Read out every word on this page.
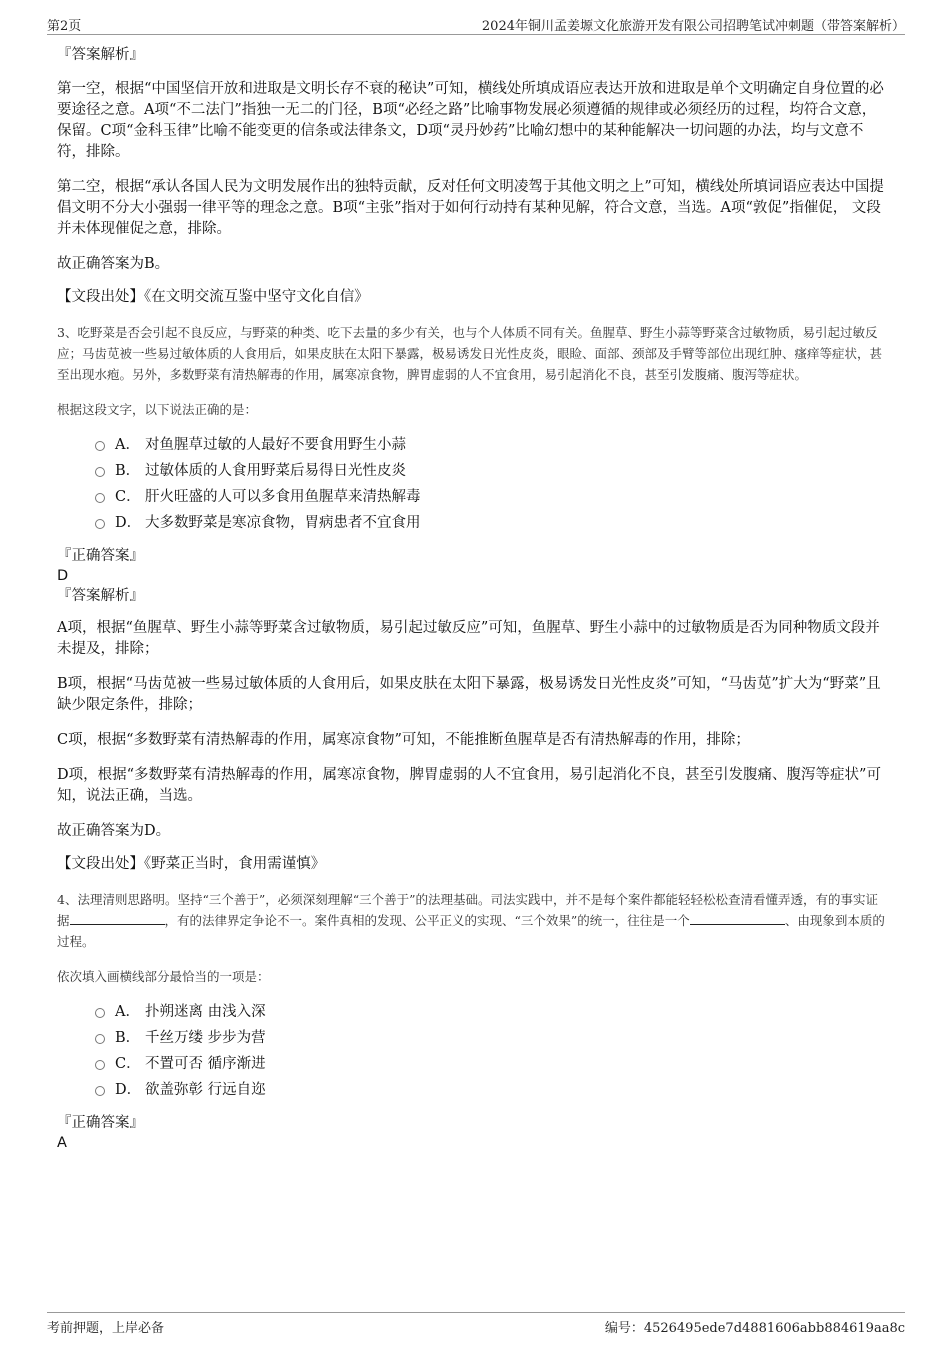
第2页	2024年铜川孟姜塬文化旅游开发有限公司招聘笔试冲刺题（带答案解析）

『答案解析』

第一空，根据“中国坚信开放和进取是文明长存不衰的秘诀”可知，横线处所填成语应表达开放和进取是单个文明确定自身位置的必要途径之意。A项“不二法门”指独一无二的门径，B项“必经之路”比喻事物发展必须遵循的规律或必须经历的过程，均符合文意，保留。C项“金科玉律”比喻不能变更的信条或法律条文，D项“灵丹妙药”比喻幻想中的某种能解决一切问题的办法，均与文意不符，排除。

第二空，根据“承认各国人民为文明发展作出的独特贡献，反对任何文明凌驾于其他文明之上”可知，横线处所填词语应表达中国提倡文明不分大小强弱一律平等的理念之意。B项“主张”指对于如何行动持有某种见解，符合文意，当选。A项“敦促”指催促， 文段并未体现催促之意，排除。

故正确答案为B。

【文段出处】《在文明交流互鉴中坚守文化自信》

3、吃野菜是否会引起不良反应，与野菜的种类、吃下去量的多少有关，也与个人体质不同有关。鱼腥草、野生小蒜等野菜含过敏物质，易引起过敏反应；马齿苋被一些易过敏体质的人食用后，如果皮肤在太阳下暴露，极易诱发日光性皮炎，眼睑、面部、颈部及手臂等部位出现红肿、瘙痒等症状，甚至出现水疱。另外，多数野菜有清热解毒的作用，属寒凉食物，脾胃虚弱的人不宜食用，易引起消化不良，甚至引发腹痛、腹泻等症状。

根据这段文字，以下说法正确的是：

A． 对鱼腥草过敏的人最好不要食用野生小蒜
B． 过敏体质的人食用野菜后易得日光性皮炎
C． 肝火旺盛的人可以多食用鱼腥草来清热解毒
D． 大多数野菜是寒凉食物，胃病患者不宜食用

『正确答案』

D

『答案解析』

A项，根据“鱼腥草、野生小蒜等野菜含过敏物质，易引起过敏反应”可知，鱼腥草、野生小蒜中的过敏物质是否为同种物质文段并未提及，排除；

B项，根据“马齿苋被一些易过敏体质的人食用后，如果皮肤在太阳下暴露，极易诱发日光性皮炎”可知，“马齿苋”扩大为“野菜”且缺少限定条件，排除；

C项，根据“多数野菜有清热解毒的作用，属寒凉食物”可知，不能推断鱼腥草是否有清热解毒的作用，排除；

D项，根据“多数野菜有清热解毒的作用，属寒凉食物，脾胃虚弱的人不宜食用，易引起消化不良，甚至引发腹痛、腹泻等症状”可知，说法正确，当选。

故正确答案为D。

【文段出处】《野菜正当时，食用需谨慎》

4、法理清则思路明。坚持“三个善于”，必须深刻理解“三个善于”的法理基础。司法实践中，并不是每个案件都能轻轻松松查清看懂弄透，有的事实证据	，有的法律界定争论不一。案件真相的发现、公平正义的实现、“三个效果”的统一，往往是一个	、由现象到本质的过程。

依次填入画横线部分最恰当的一项是：

A． 扑朔迷离 由浅入深
B． 千丝万缕 步步为营
C． 不置可否 循序渐进
D． 欲盖弥彰 行远自迩

『正确答案』

A

考前押题，上岸必备	编号：4526495ede7d4881606abb884619aa8c
